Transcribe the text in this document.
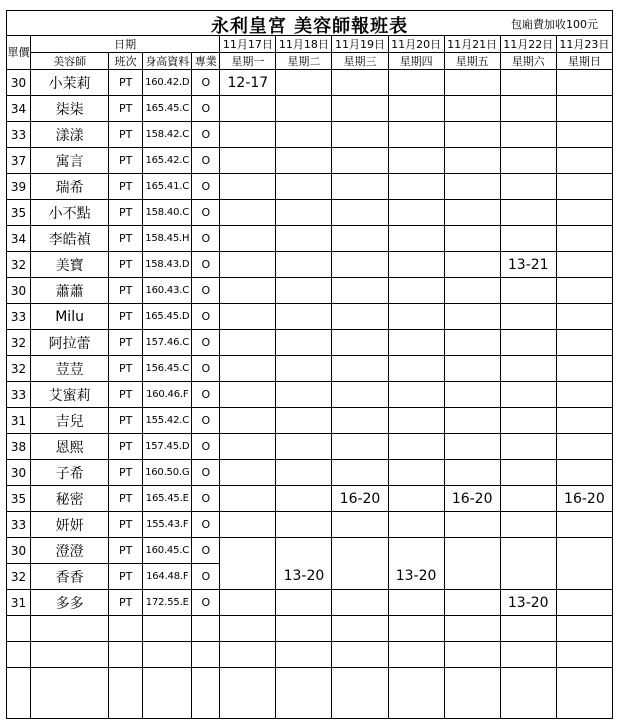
永利皇宮 美容師報班表	包廂費加收100元
單價	日期				11月17日	11月18日	11月19日	11月20日	11月21日	11月22日	11月23日
	美容師	班次	身高資料	專業	星期一	星期二	星期三	星期四	星期五	星期六	星期日
30	小茉莉	PT	160.42.D	O	12-17						
34	柒柒	PT	165.45.C	O							
33	漾漾	PT	158.42.C	O							
37	寓言	PT	165.42.C	O							
39	瑞希	PT	165.41.C	O							
35	小不點	PT	158.40.C	O							
34	李皓禎	PT	158.45.H	O							
32	美寶	PT	158.43.D	O						13-21	
30	蕭蕭	PT	160.43.C	O							
33	Milu	PT	165.45.D	O							
32	阿拉蕾	PT	157.46.C	O							
32	荳荳	PT	156.45.C	O							
33	艾蜜莉	PT	160.46.F	O							
31	吉兒	PT	155.42.C	O							
38	恩熙	PT	157.45.D	O							
30	子希	PT	160.50.G	O							
35	秘密	PT	165.45.E	O			16-20		16-20		16-20
33	妍妍	PT	155.43.F	O							
30	澄澄	PT	160.45.C	O							
32	香香	PT	164.48.F	O		13-20		13-20			
31	多多	PT	172.55.E	O						13-20	
